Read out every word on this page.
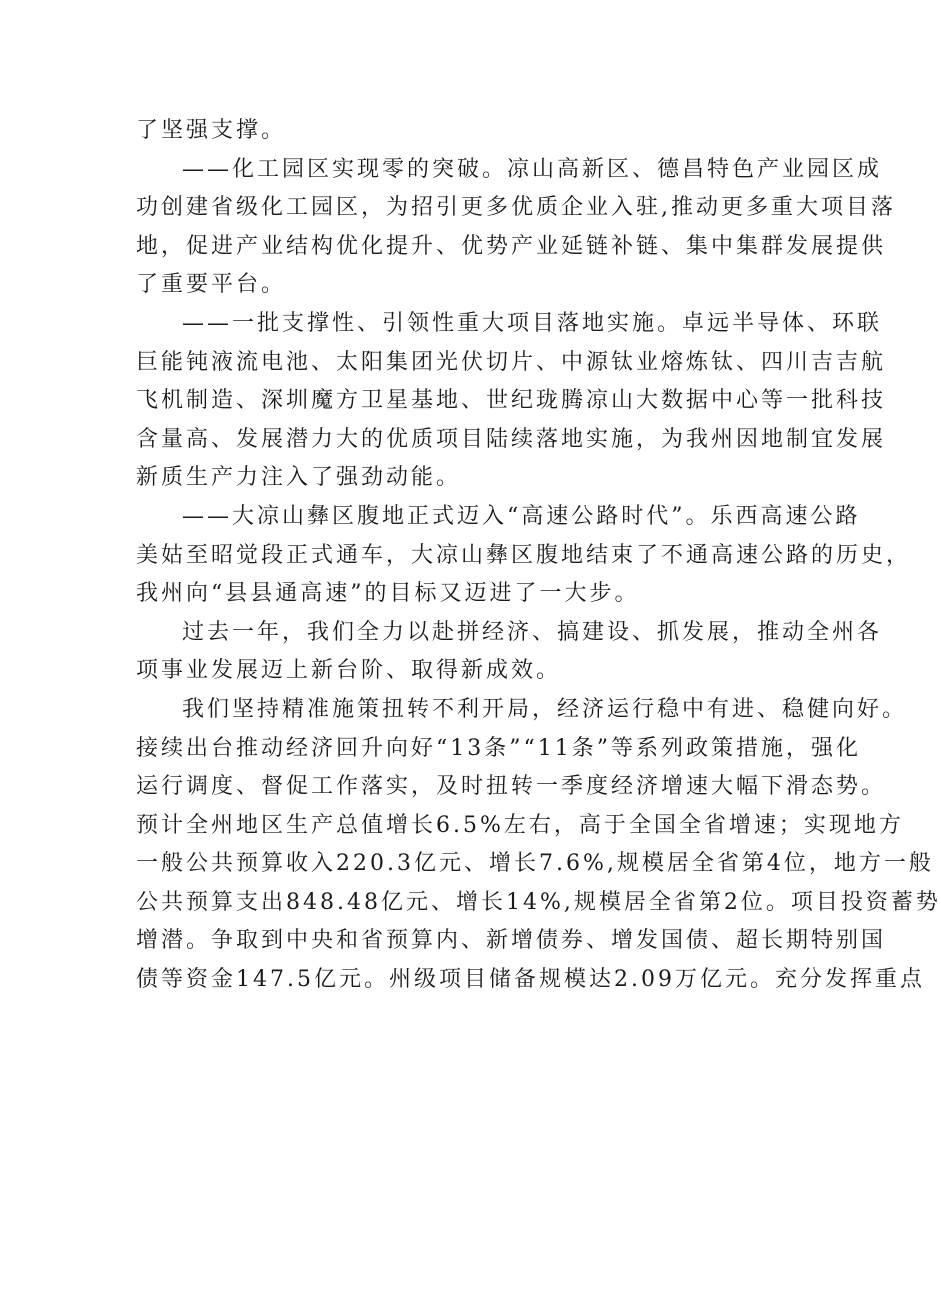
了坚强支撑。
——化工园区实现零的突破。凉山高新区、德昌特色产业园区成
功创建省级化工园区，为招引更多优质企业入驻,推动更多重大项目落
地，促进产业结构优化提升、优势产业延链补链、集中集群发展提供
了重要平台。
——一批支撑性、引领性重大项目落地实施。卓远半导体、环联
巨能钝液流电池、太阳集团光伏切片、中源钛业熔炼钛、四川吉吉航
飞机制造、深圳魔方卫星基地、世纪珑腾凉山大数据中心等一批科技
含量高、发展潜力大的优质项目陆续落地实施，为我州因地制宜发展
新质生产力注入了强劲动能。
——大凉山彝区腹地正式迈入“高速公路时代”。乐西高速公路
美姑至昭觉段正式通车，大凉山彝区腹地结束了不通高速公路的历史，
我州向“县县通高速”的目标又迈进了一大步。
过去一年，我们全力以赴拼经济、搞建设、抓发展，推动全州各
项事业发展迈上新台阶、取得新成效。
我们坚持精准施策扭转不利开局，经济运行稳中有进、稳健向好。
接续出台推动经济回升向好“13条”“11条”等系列政策措施，强化
运行调度、督促工作落实，及时扭转一季度经济增速大幅下滑态势。
预计全州地区生产总值增长6.5%左右，高于全国全省增速；实现地方
一般公共预算收入220.3亿元、增长7.6%,规模居全省第4位，地方一般
公共预算支出848.48亿元、增长14%,规模居全省第2位。项目投资蓄势
增潜。争取到中央和省预算内、新增债券、增发国债、超长期特别国
债等资金147.5亿元。州级项目储备规模达2.09万亿元。充分发挥重点
